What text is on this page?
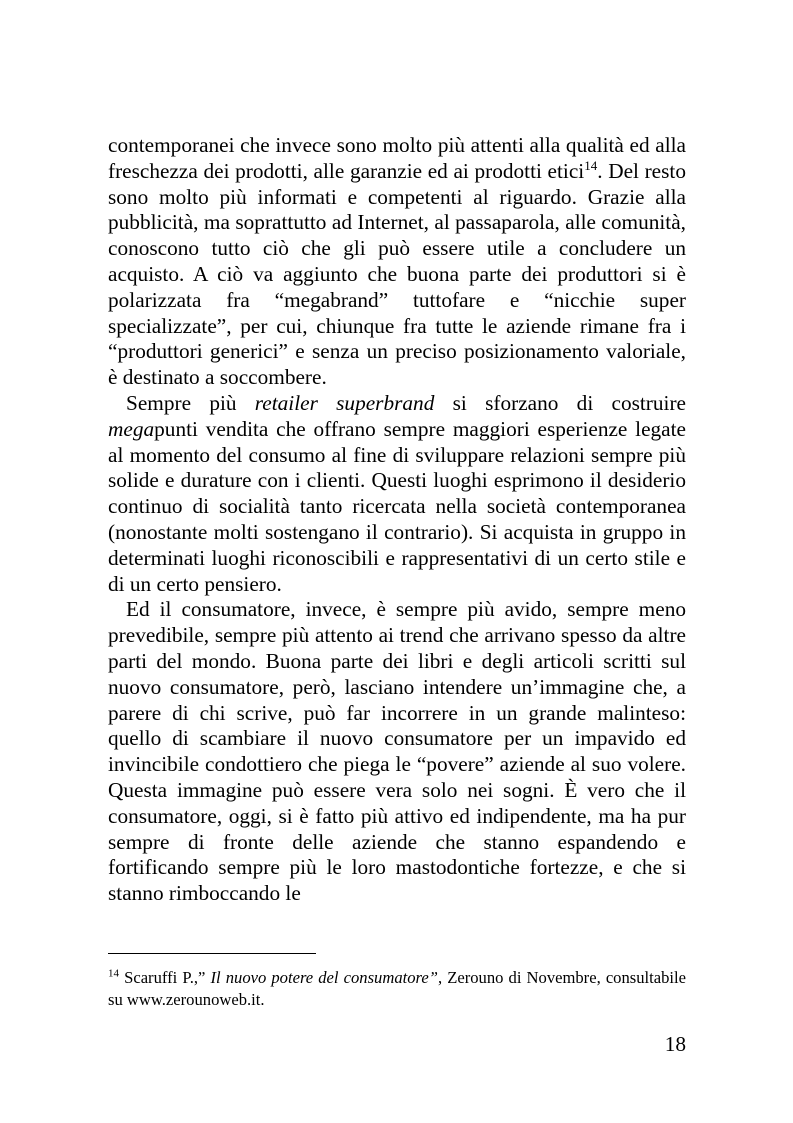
contemporanei che invece sono molto più attenti alla qualità ed alla freschezza dei prodotti, alle garanzie ed ai prodotti etici$^{14}$. Del resto sono molto più informati e competenti al riguardo. Grazie alla pubblicità, ma soprattutto ad Internet, al passaparola, alle comunità, conoscono tutto ciò che gli può essere utile a concludere un acquisto. A ciò va aggiunto che buona parte dei produttori si è polarizzata fra “megabrand” tuttofare e “nicchie super specializzate”, per cui, chiunque fra tutte le aziende rimane fra i “produttori generici” e senza un preciso posizionamento valoriale, è destinato a soccombere.

Sempre più retailer superbrand si sforzano di costruire megapunti vendita che offrano sempre maggiori esperienze legate al momento del consumo al fine di sviluppare relazioni sempre più solide e durature con i clienti. Questi luoghi esprimono il desiderio continuo di socialità tanto ricercata nella società contemporanea (nonostante molti sostengano il contrario). Si acquista in gruppo in determinati luoghi riconoscibili e rappresentativi di un certo stile e di un certo pensiero.

Ed il consumatore, invece, è sempre più avido, sempre meno prevedibile, sempre più attento ai trend che arrivano spesso da altre parti del mondo. Buona parte dei libri e degli articoli scritti sul nuovo consumatore, però, lasciano intendere un’immagine che, a parere di chi scrive, può far incorrere in un grande malinteso: quello di scambiare il nuovo consumatore per un impavido ed invincibile condottiero che piega le “povere” aziende al suo volere. Questa immagine può essere vera solo nei sogni. È vero che il consumatore, oggi, si è fatto più attivo ed indipendente, ma ha pur sempre di fronte delle aziende che stanno espandendo e fortificando sempre più le loro mastodontiche fortezze, e che si stanno rimboccando le

$^{14}$ Scaruffi P.,” Il nuovo potere del consumatore”, Zerouno di Novembre, consultabile su www.zerounoweb.it.

18
